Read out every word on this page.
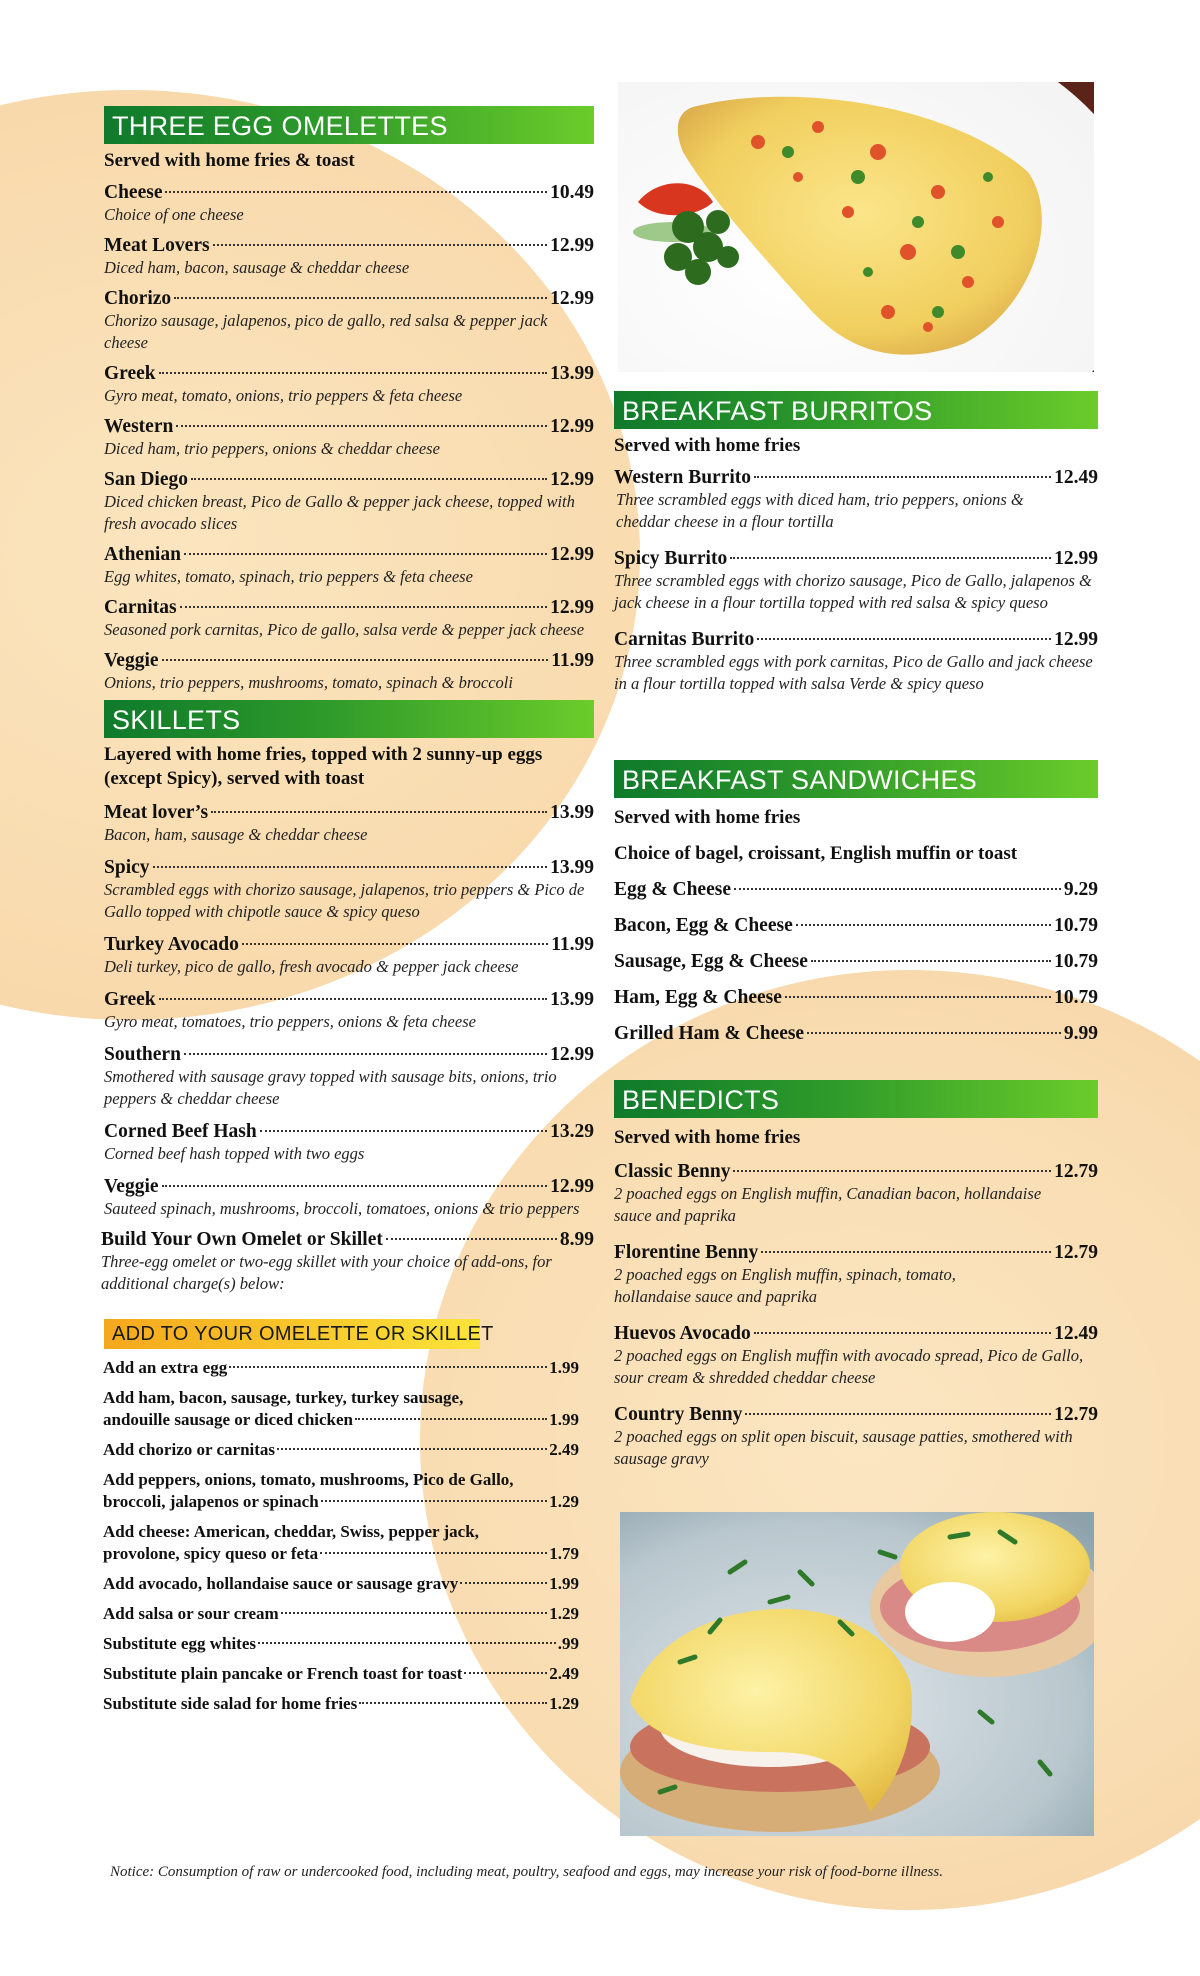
THREE EGG OMELETTES
Served with home fries & toast
Cheese	10.49
Choice of one cheese
Meat Lovers	12.99
Diced ham, bacon, sausage & cheddar cheese
Chorizo	12.99
Chorizo sausage, jalapenos, pico de gallo, red salsa & pepper jack cheese
Greek	13.99
Gyro meat, tomato, onions, trio peppers & feta cheese
Western	12.99
Diced ham, trio peppers, onions & cheddar cheese
San Diego	12.99
Diced chicken breast, Pico de Gallo & pepper jack cheese, topped with fresh avocado slices
Athenian	12.99
Egg whites, tomato, spinach, trio peppers & feta cheese
Carnitas	12.99
Seasoned pork carnitas, Pico de gallo, salsa verde & pepper jack cheese
Veggie	11.99
Onions, trio peppers, mushrooms, tomato, spinach & broccoli
SKILLETS
Layered with home fries, topped with 2 sunny-up eggs (except Spicy), served with toast
Meat lover’s	13.99
Bacon, ham, sausage & cheddar cheese
Spicy	13.99
Scrambled eggs with chorizo sausage, jalapenos, trio peppers & Pico de Gallo topped with chipotle sauce & spicy queso
Turkey Avocado	11.99
Deli turkey, pico de gallo, fresh avocado & pepper jack cheese
Greek	13.99
Gyro meat, tomatoes, trio peppers, onions & feta cheese
Southern	12.99
Smothered with sausage gravy topped with sausage bits, onions, trio peppers & cheddar cheese
Corned Beef Hash	13.29
Corned beef hash topped with two eggs
Veggie	12.99
Sauteed spinach, mushrooms, broccoli, tomatoes, onions & trio peppers
Build Your Own Omelet or Skillet	8.99
Three-egg omelet or two-egg skillet with your choice of add-ons, for additional charge(s) below:
ADD TO YOUR OMELETTE OR SKILLET
Add an extra egg	1.99
Add ham, bacon, sausage, turkey, turkey sausage,
andouille sausage or diced chicken	1.99
Add chorizo or carnitas	2.49
Add peppers, onions, tomato, mushrooms, Pico de Gallo,
broccoli, jalapenos or spinach	1.29
Add cheese: American, cheddar, Swiss, pepper jack,
provolone, spicy queso or feta	1.79
Add avocado, hollandaise sauce or sausage gravy	1.99
Add salsa or sour cream	1.29
Substitute egg whites	.99
Substitute plain pancake or French toast for toast	2.49
Substitute side salad for home fries	1.29
BREAKFAST BURRITOS
Served with home fries
Western Burrito	12.49
Three scrambled eggs with diced ham, trio peppers, onions & cheddar cheese in a flour tortilla
Spicy Burrito	12.99
Three scrambled eggs with chorizo sausage, Pico de Gallo, jalapenos & jack cheese in a flour tortilla topped with red salsa & spicy queso
Carnitas Burrito	12.99
Three scrambled eggs with pork carnitas, Pico de Gallo and jack cheese in a flour tortilla topped with salsa Verde & spicy queso
BREAKFAST SANDWICHES
Served with home fries
Choice of bagel, croissant, English muffin or toast
Egg & Cheese	9.29
Bacon, Egg & Cheese	10.79
Sausage, Egg & Cheese	10.79
Ham, Egg & Cheese	10.79
Grilled Ham & Cheese	9.99
BENEDICTS
Served with home fries
Classic Benny	12.79
2 poached eggs on English muffin, Canadian bacon, hollandaise sauce and paprika
Florentine Benny	12.79
2 poached eggs on English muffin, spinach, tomato, hollandaise sauce and paprika
Huevos Avocado	12.49
2 poached eggs on English muffin with avocado spread, Pico de Gallo, sour cream & shredded cheddar cheese
Country Benny	12.79
2 poached eggs on split open biscuit, sausage patties, smothered with sausage gravy
Notice: Consumption of raw or undercooked food, including meat, poultry, seafood and eggs, may increase your risk of food-borne illness.
